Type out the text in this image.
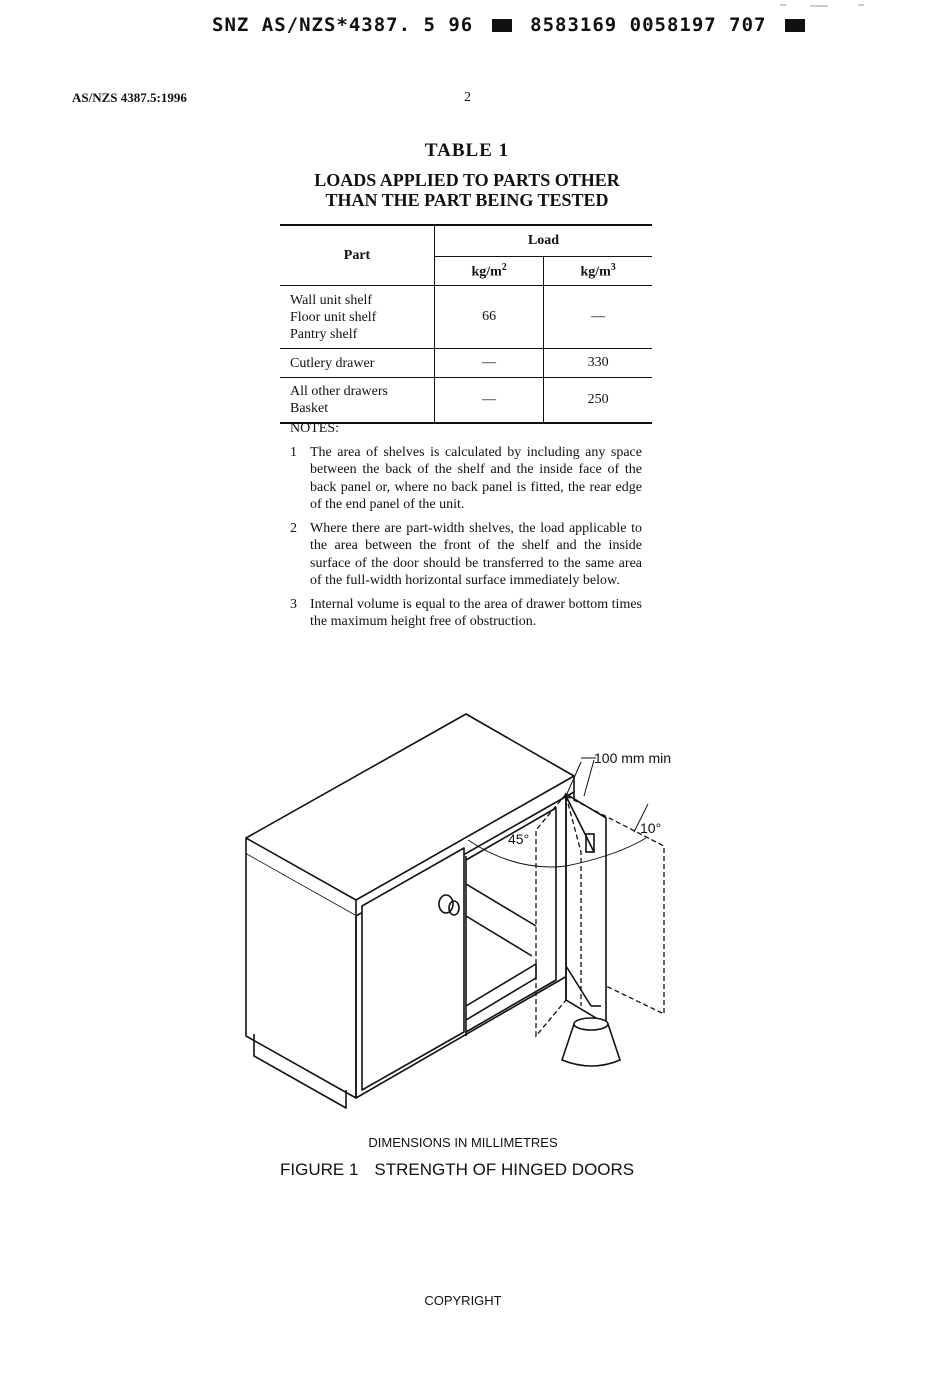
SNZ AS/NZS*4387. 5 96	8583169 0058197 707
AS/NZS 4387.5:1996	2
TABLE 1
LOADS APPLIED TO PARTS OTHER
THAN THE PART BEING TESTED
Part	Load	
	$kg/m^2$	$kg/m^3$

Wall unit shelf
Floor unit shelf
Pantry shelf	66	—

Cutlery drawer	—	330

All other drawers
Basket	—	250
NOTES:
1 The area of shelves is calculated by including any space between the back of the shelf and the inside face of the back panel or, where no back panel is fitted, the rear edge of the end panel of the unit.
2 Where there are part-width shelves, the load applicable to the area between the front of the shelf and the inside surface of the door should be transferred to the same area of the full-width horizontal surface immediately below.
3 Internal volume is equal to the area of drawer bottom times the maximum height free of obstruction.
100 mm min
45°
10°
DIMENSIONS IN MILLIMETRES
FIGURE 1 STRENGTH OF HINGED DOORS
COPYRIGHT
